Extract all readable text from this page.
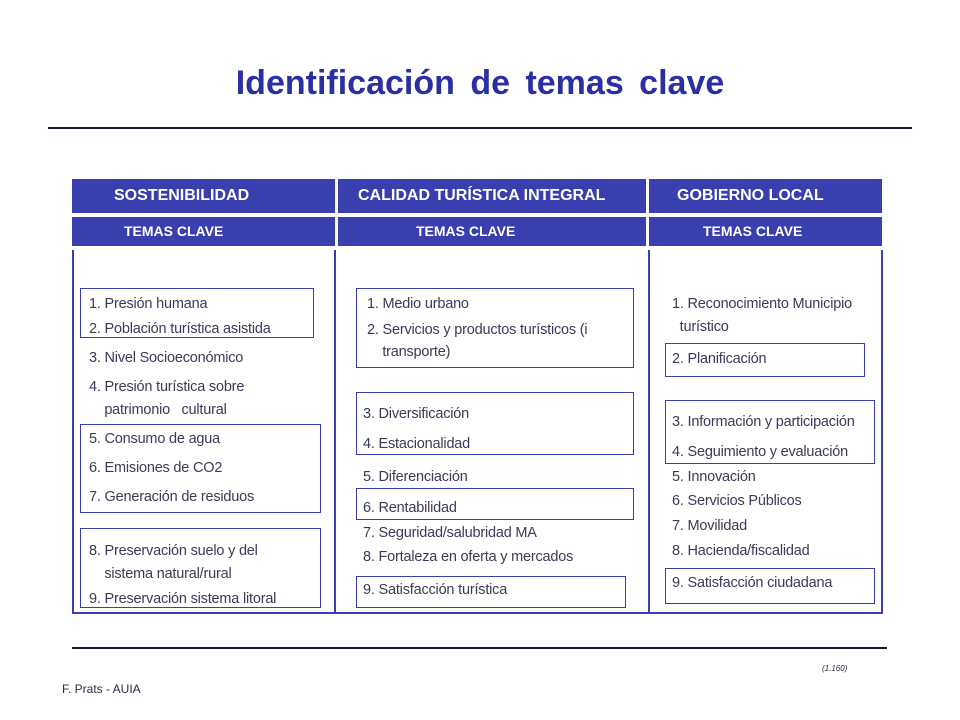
Identificación de temas clave
SOSTENIBILIDAD	CALIDAD TURÍSTICA INTEGRAL	GOBIERNO LOCAL
TEMAS CLAVE	TEMAS CLAVE	TEMAS CLAVE
1. Presión humana
2. Población turística asistida
3. Nivel Socioeconómico
4. Presión turística sobre
patrimonio   cultural
5. Consumo de agua
6. Emisiones de CO2
7. Generación de residuos
8. Preservación suelo y del
sistema natural/rural
9. Preservación sistema litoral
1. Medio urbano
2. Servicios y productos turísticos (i
transporte)
3. Diversificación
4. Estacionalidad
5. Diferenciación
6. Rentabilidad
7. Seguridad/salubridad MA
8. Fortaleza en oferta y mercados
9. Satisfacción turística
1. Reconocimiento Municipio
turístico
2. Planificación
3. Información y participación
4. Seguimiento y evaluación
5. Innovación
6. Servicios Públicos
7. Movilidad
8. Hacienda/fiscalidad
9. Satisfacción ciudadana
(1.160)
F. Prats - AUIA
